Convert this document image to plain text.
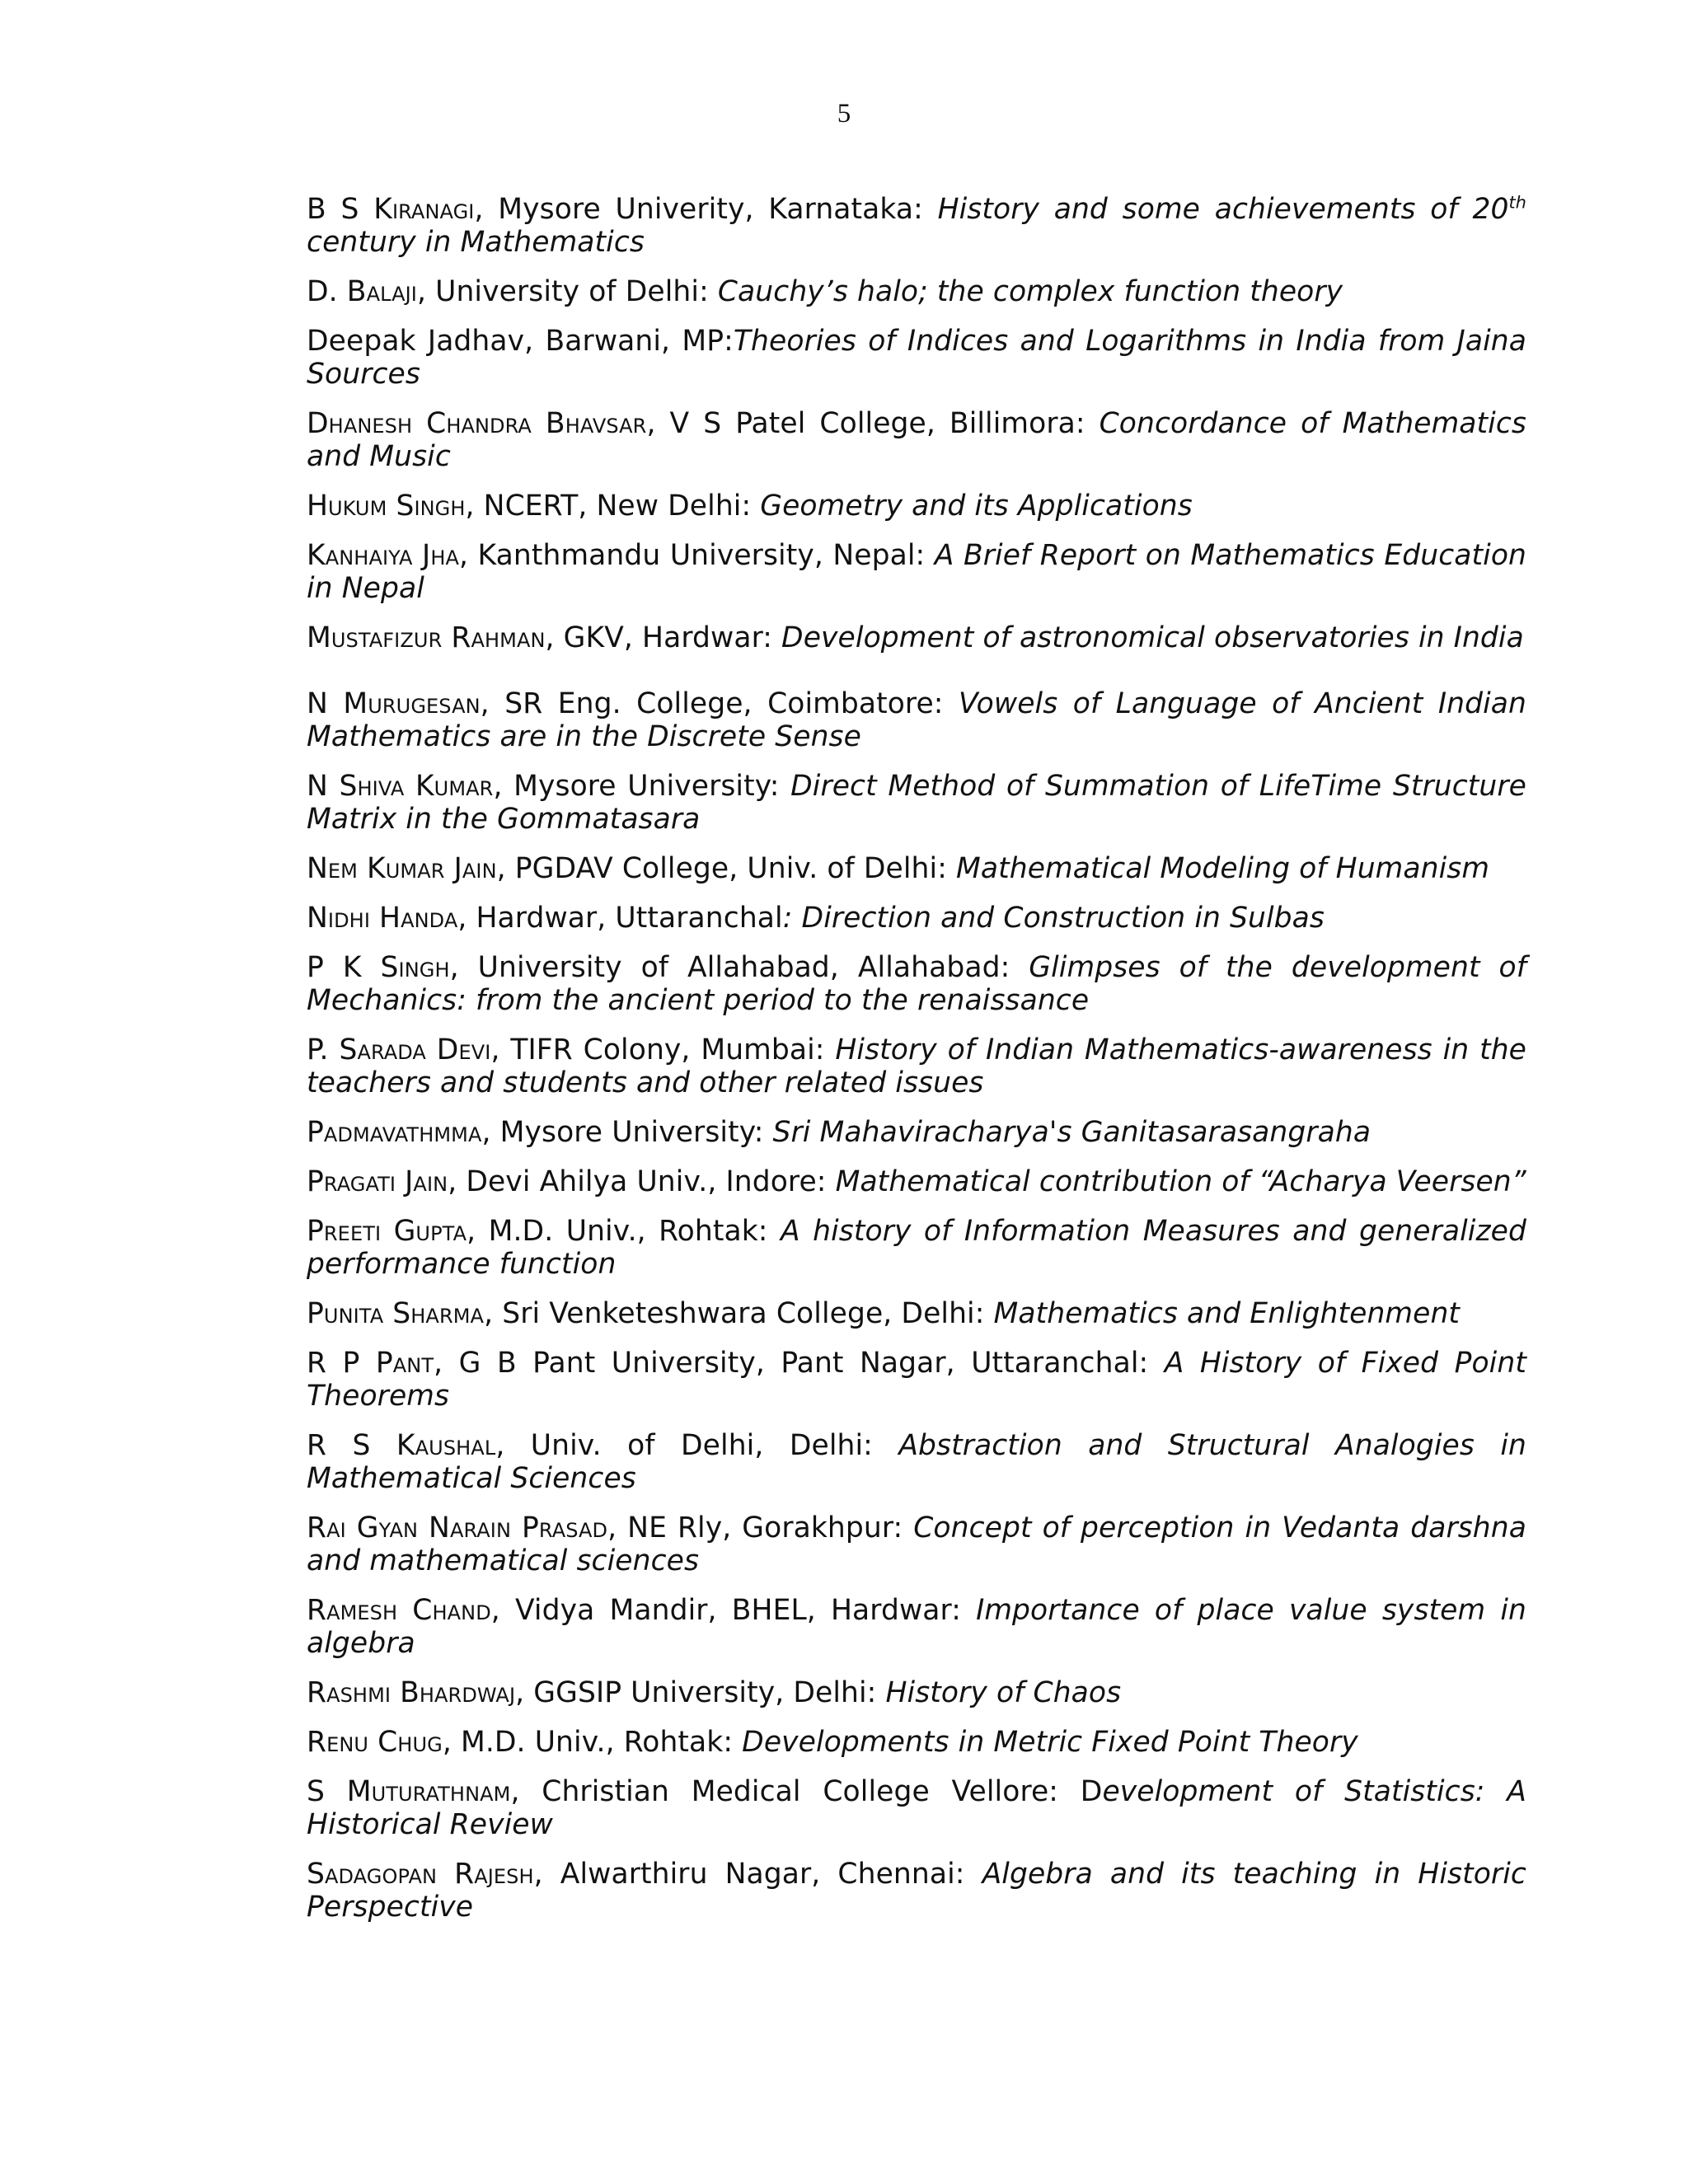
5

B S Kiranagi, Mysore Univerity, Karnataka: History and some achievements of 20th century in Mathematics

D. Balaji, University of Delhi: Cauchy’s halo; the complex function theory

Deepak Jadhav, Barwani, MP:Theories of Indices and Logarithms in India from Jaina Sources

Dhanesh Chandra Bhavsar, V S Patel College, Billimora: Concordance of Mathematics and Music

Hukum Singh, NCERT, New Delhi: Geometry and its Applications

Kanhaiya Jha, Kanthmandu University, Nepal: A Brief Report on Mathematics Education in Nepal

Mustafizur Rahman, GKV, Hardwar: Development of astronomical observatories in India

N Murugesan, SR Eng. College, Coimbatore: Vowels of Language of Ancient Indian Mathematics are in the Discrete Sense

N Shiva Kumar, Mysore University: Direct Method of Summation of LifeTime Structure Matrix in the Gommatasara

Nem Kumar Jain, PGDAV College, Univ. of Delhi: Mathematical Modeling of Humanism

Nidhi Handa, Hardwar, Uttaranchal: Direction and Construction in Sulbas

P K Singh, University of Allahabad, Allahabad: Glimpses of the development of Mechanics: from the ancient period to the renaissance

P. Sarada Devi, TIFR Colony, Mumbai: History of Indian Mathematics-awareness in the teachers and students and other related issues

Padmavathmma, Mysore University: Sri Mahaviracharya's Ganitasarasangraha

Pragati Jain, Devi Ahilya Univ., Indore: Mathematical contribution of “Acharya Veersen”

Preeti Gupta, M.D. Univ., Rohtak: A history of Information Measures and generalized performance function

Punita Sharma, Sri Venketeshwara College, Delhi: Mathematics and Enlightenment

R P Pant, G B Pant University, Pant Nagar, Uttaranchal: A History of Fixed Point Theorems

R S Kaushal, Univ. of Delhi, Delhi: Abstraction and Structural Analogies in Mathematical Sciences

Rai Gyan Narain Prasad, NE Rly, Gorakhpur: Concept of perception in Vedanta darshna and mathematical sciences

Ramesh Chand, Vidya Mandir, BHEL, Hardwar: Importance of place value system in algebra

Rashmi Bhardwaj, GGSIP University, Delhi: History of Chaos

Renu Chug, M.D. Univ., Rohtak: Developments in Metric Fixed Point Theory

S Muturathnam, Christian Medical College Vellore: Development of Statistics: A Historical Review

Sadagopan Rajesh, Alwarthiru Nagar, Chennai: Algebra and its teaching in Historic Perspective
